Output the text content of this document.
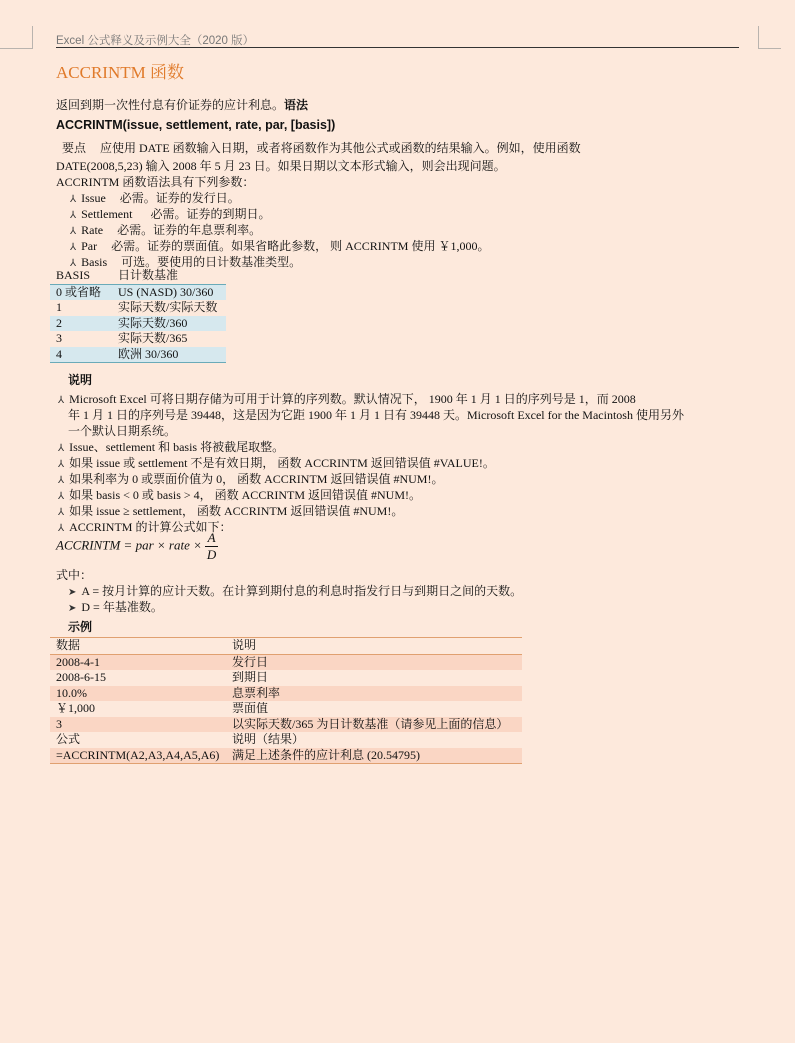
Excel 公式释义及示例大全（2020 版）
ACCRINTM 函数
返回到期一次性付息有价证券的应计利息。语法
ACCRINTM(issue, settlement, rate, par, [basis])
要点 应使用 DATE 函数输入日期，或者将函数作为其他公式或函数的结果输入。例如，使用函数
DATE(2008,5,23) 输入 2008 年 5 月 23 日。如果日期以文本形式输入，则会出现问题。
ACCRINTM 函数语法具有下列参数：
⅄ Issue 必需。证券的发行日。
⅄ Settlement 必需。证券的到期日。
⅄ Rate 必需。证券的年息票利率。
⅄ Par 必需。证券的票面值。如果省略此参数， 则 ACCRINTM 使用 ￥1,000。
⅄ Basis 可选。要使用的日计数基准类型。
BASIS	日计数基准
0 或省略	US (NASD) 30/360
1	实际天数/实际天数
2	实际天数/360
3	实际天数/365
4	欧洲 30/360
说明
⅄ Microsoft Excel 可将日期存储为可用于计算的序列数。默认情况下， 1900 年 1 月 1 日的序列号是 1，而 2008
年 1 月 1 日的序列号是 39448，这是因为它距 1900 年 1 月 1 日有 39448 天。Microsoft Excel for the Macintosh 使用另外
一个默认日期系统。
⅄ Issue、settlement 和 basis 将被截尾取整。
⅄ 如果 issue 或 settlement 不是有效日期， 函数 ACCRINTM 返回错误值 #VALUE!。
⅄ 如果利率为 0 或票面价值为 0， 函数 ACCRINTM 返回错误值 #NUM!。
⅄ 如果 basis < 0 或 basis > 4， 函数 ACCRINTM 返回错误值 #NUM!。
⅄ 如果 issue ≥ settlement， 函数 ACCRINTM 返回错误值 #NUM!。
⅄ ACCRINTM 的计算公式如下：
ACCRINTM = par × rate × $\frac{A}{D}$
式中：
➤ A = 按月计算的应计天数。在计算到期付息的利息时指发行日与到期日之间的天数。
➤ D = 年基准数。
示例
数据	说明
2008-4-1	发行日
2008-6-15	到期日
10.0%	息票利率
￥1,000	票面值
3	以实际天数/365 为日计数基准（请参见上面的信息）
公式	说明（结果）
=ACCRINTM(A2,A3,A4,A5,A6)	满足上述条件的应计利息 (20.54795)
